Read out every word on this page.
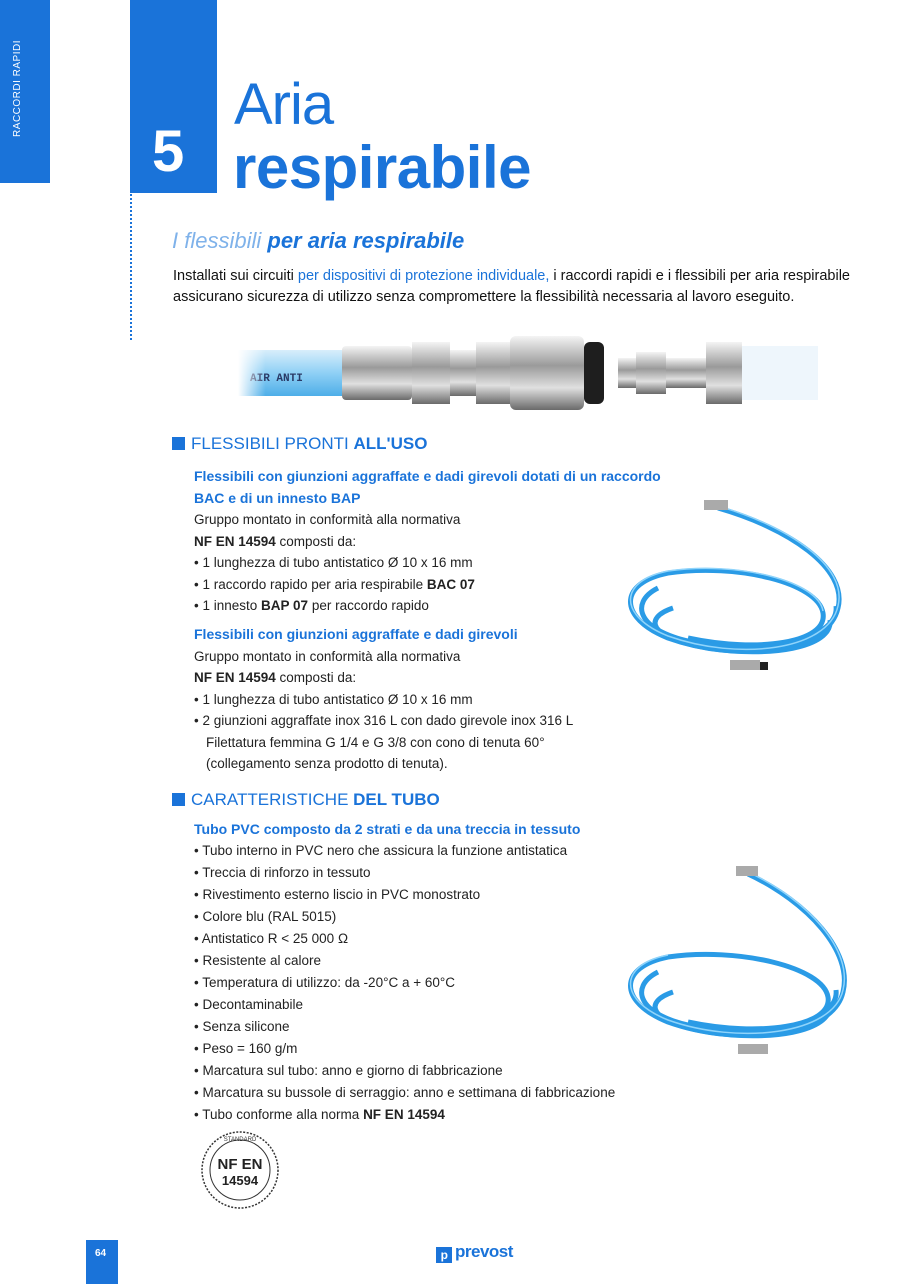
RACCORDI RAPIDI
5
Aria
respirabile
I flessibili per aria respirabile
Installati sui circuiti per dispositivi di protezione individuale, i raccordi rapidi e i flessibili per aria respirabile assicurano sicurezza di utilizzo senza compromettere la flessibilità necessaria al lavoro eseguito.
FLESSIBILI PRONTI ALL'USO
Flessibili con giunzioni aggraffate e dadi girevoli dotati di un raccordo BAC e di un innesto BAP
Gruppo montato in conformità alla normativa
NF EN 14594 composti da:
• 1 lunghezza di tubo antistatico Ø 10 x 16 mm
• 1 raccordo rapido per aria respirabile BAC 07
• 1 innesto BAP 07 per raccordo rapido
Flessibili con giunzioni aggraffate e dadi girevoli
Gruppo montato in conformità alla normativa
NF EN 14594 composti da:
• 1 lunghezza di tubo antistatico Ø 10 x 16 mm
• 2 giunzioni aggraffate inox 316 L con dado girevole inox 316 L
Filettatura femmina G 1/4 e G 3/8 con cono di tenuta 60°
(collegamento senza prodotto di tenuta).
CARATTERISTICHE DEL TUBO
Tubo PVC composto da 2 strati e da una treccia in tessuto
• Tubo interno in PVC nero che assicura la funzione antistatica
• Treccia di rinforzo in tessuto
• Rivestimento esterno liscio in PVC monostrato
• Colore blu (RAL 5015)
• Antistatico R < 25 000 Ω
• Resistente al calore
• Temperatura di utilizzo: da -20°C a + 60°C
• Decontaminabile
• Senza silicone
• Peso = 160 g/m
• Marcatura sul tubo: anno e giorno di fabbricazione
• Marcatura su bussole di serraggio: anno e settimana di fabbricazione
• Tubo conforme alla norma NF EN 14594
STANDARD
NF EN
14594
64	p prevost
